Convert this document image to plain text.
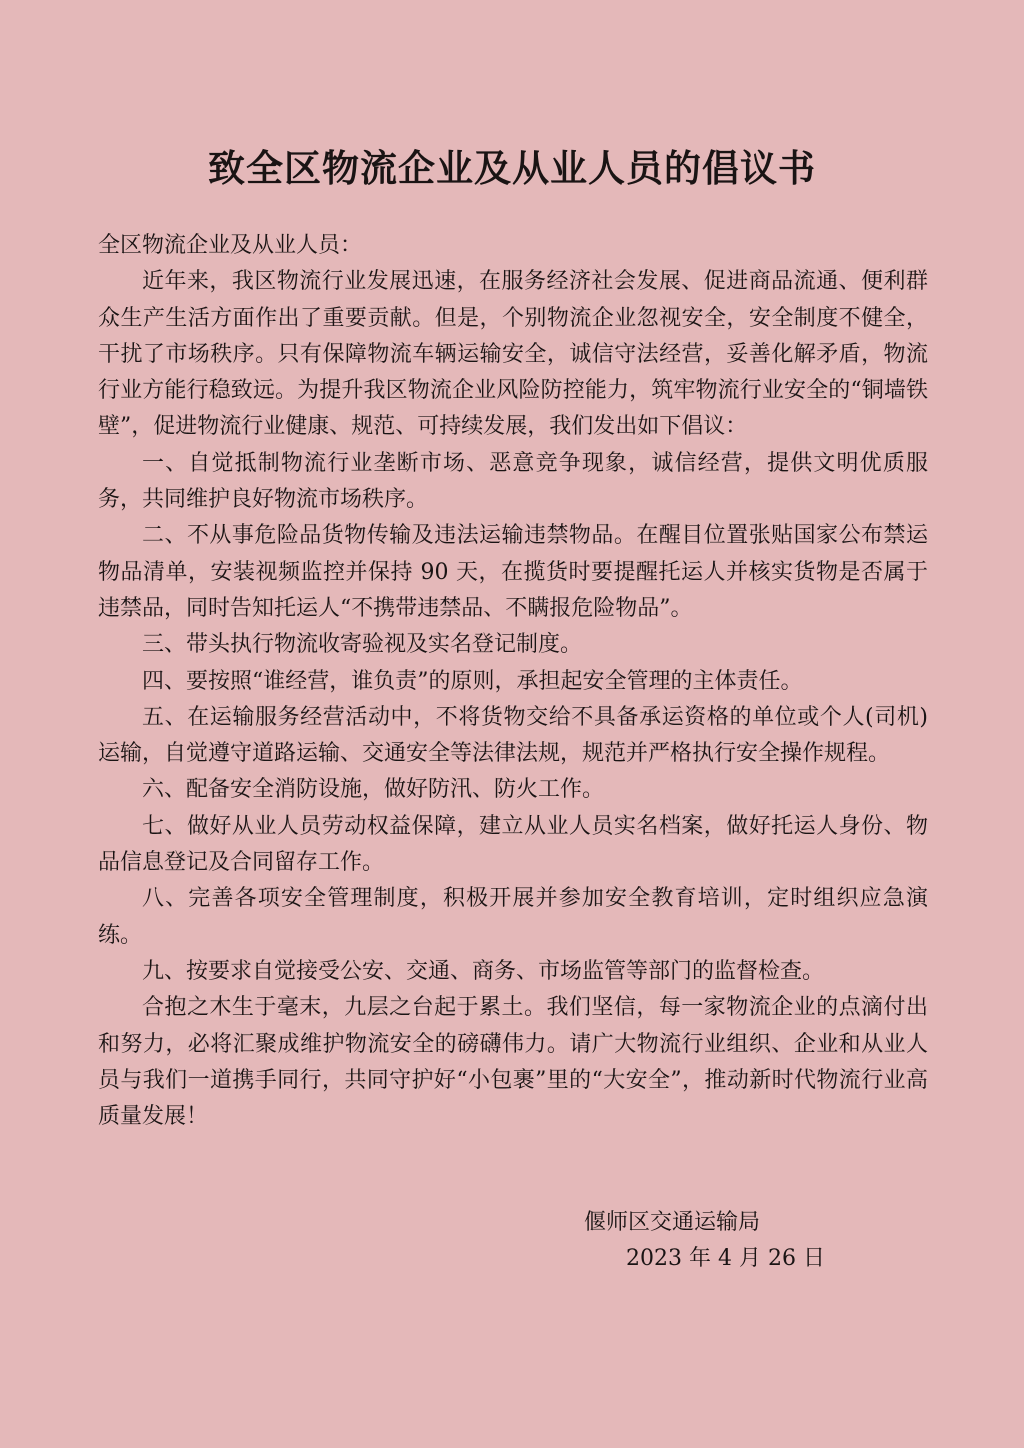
致全区物流企业及从业人员的倡议书

全区物流企业及从业人员：

近年来，我区物流行业发展迅速，在服务经济社会发展、促进商品流通、便利群众生产生活方面作出了重要贡献。但是，个别物流企业忽视安全，安全制度不健全，干扰了市场秩序。只有保障物流车辆运输安全，诚信守法经营，妥善化解矛盾，物流行业方能行稳致远。为提升我区物流企业风险防控能力，筑牢物流行业安全的“铜墙铁壁”，促进物流行业健康、规范、可持续发展，我们发出如下倡议：

一、自觉抵制物流行业垄断市场、恶意竞争现象，诚信经营，提供文明优质服务，共同维护良好物流市场秩序。

二、不从事危险品货物传输及违法运输违禁物品。在醒目位置张贴国家公布禁运物品清单，安装视频监控并保持 90 天，在揽货时要提醒托运人并核实货物是否属于违禁品，同时告知托运人“不携带违禁品、不瞒报危险物品”。

三、带头执行物流收寄验视及实名登记制度。

四、要按照“谁经营，谁负责”的原则，承担起安全管理的主体责任。

五、在运输服务经营活动中，不将货物交给不具备承运资格的单位或个人(司机)运输，自觉遵守道路运输、交通安全等法律法规，规范并严格执行安全操作规程。

六、配备安全消防设施，做好防汛、防火工作。

七、做好从业人员劳动权益保障，建立从业人员实名档案，做好托运人身份、物品信息登记及合同留存工作。

八、完善各项安全管理制度，积极开展并参加安全教育培训，定时组织应急演练。

九、按要求自觉接受公安、交通、商务、市场监管等部门的监督检查。

合抱之木生于毫末，九层之台起于累土。我们坚信，每一家物流企业的点滴付出和努力，必将汇聚成维护物流安全的磅礴伟力。请广大物流行业组织、企业和从业人员与我们一道携手同行，共同守护好“小包裹”里的“大安全”，推动新时代物流行业高质量发展！

偃师区交通运输局
2023 年 4 月 26 日
